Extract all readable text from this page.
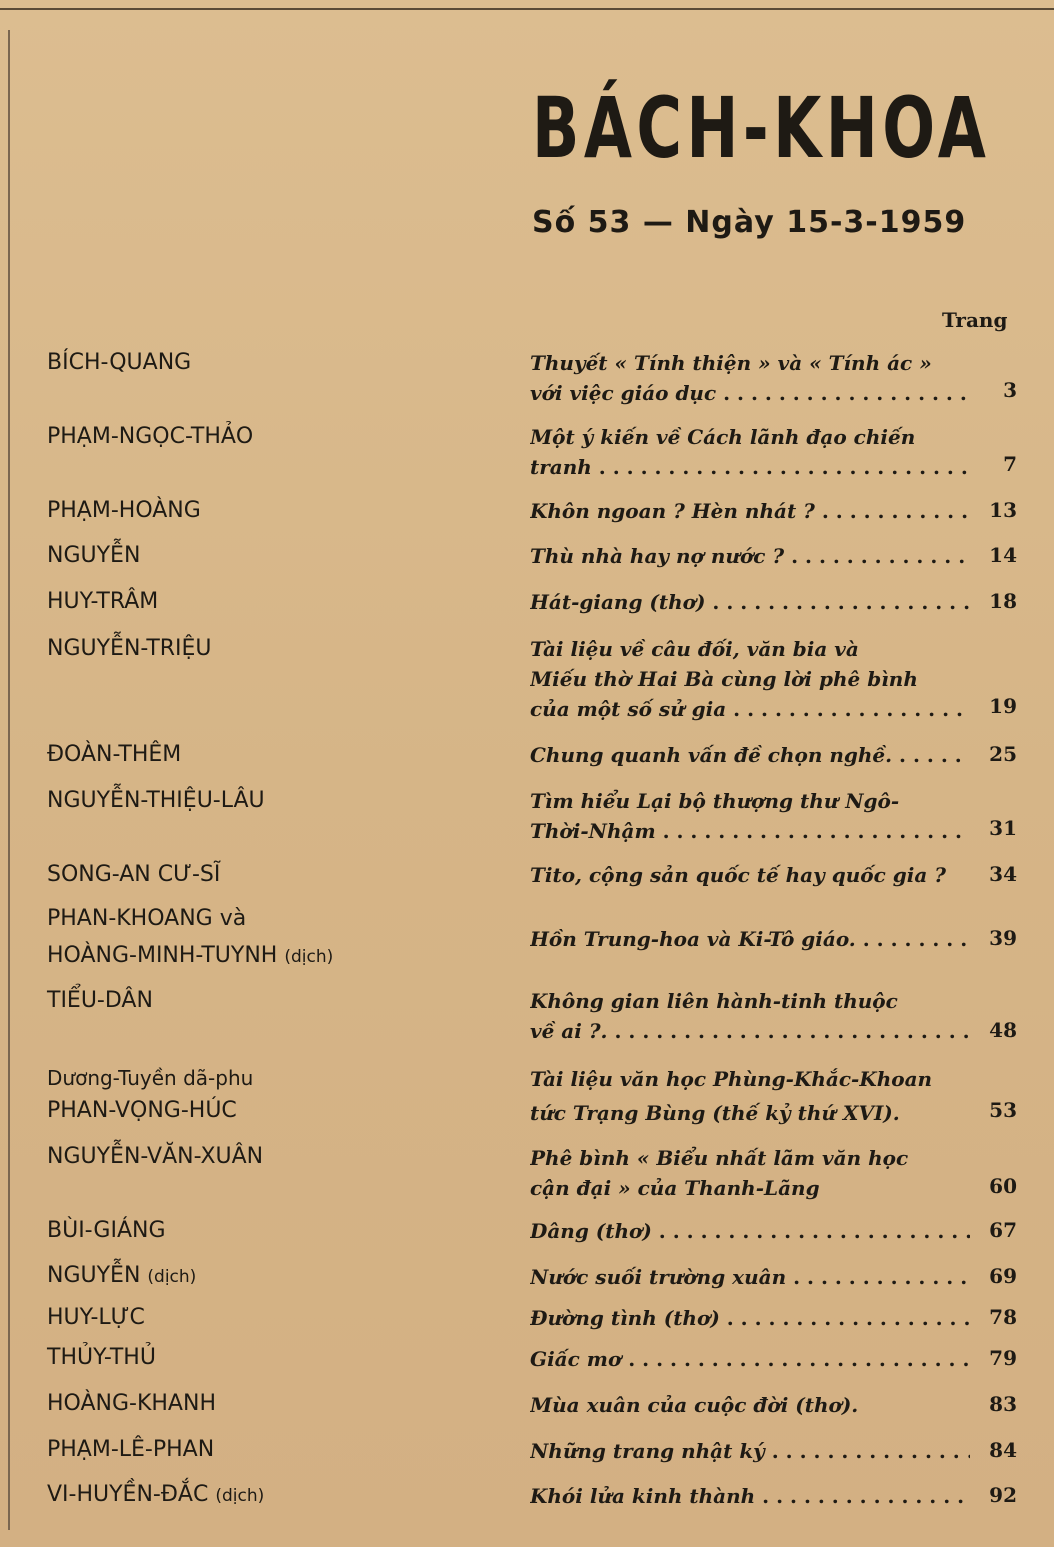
BÁCH-KHOA
Số 53 — Ngày 15-3-1959
Trang
BÍCH-QUANG	Thuyết « Tính thiện » và « Tính ác »
với việc giáo dục . . .	3
PHẠM-NGỌC-THẢO	Một ý kiến về Cách lãnh đạo chiến
tranh . . .	7
PHẠM-HOÀNG	Khôn ngoan ? Hèn nhát ? . . .	13
NGUYỄN	Thù nhà hay nợ nước ? . . .	14
HUY-TRÂM	Hát-giang (thơ) . . .	18
NGUYỄN-TRIỆU	Tài liệu về câu đối, văn bia và
Miếu thờ Hai Bà cùng lời phê bình
của một số sử gia . . .	19
ĐOÀN-THÊM	Chung quanh vấn đề chọn nghề. . . .	25
NGUYỄN-THIỆU-LÂU	Tìm hiểu Lại bộ thượng thư Ngô-
Thời-Nhậm . . .	31
SONG-AN CƯ-SĨ	Tito, cộng sản quốc tế hay quốc gia ?	34
PHAN-KHOANG và
HOÀNG-MINH-TUYNH (dịch)
Hồn Trung-hoa và Ki-Tô giáo. . . .	39
TIỂU-DÂN	Không gian liên hành-tinh thuộc
về ai ?. . . .	48
Dương-Tuyền dã-phu
PHAN-VỌNG-HÚC
Tài liệu văn học Phùng-Khắc-Khoan
tức Trạng Bùng (thế kỷ thứ XVI).	53
NGUYỄN-VĂN-XUÂN	Phê bình « Biểu nhất lãm văn học
cận đại » của Thanh-Lãng	60
BÙI-GIÁNG	Dâng (thơ) . . .	67
NGUYỄN (dịch)	Nước suối trường xuân . . .	69
HUY-LỰC	Đường tình (thơ) . . .	78
THỦY-THỦ	Giấc mơ . . .	79
HOÀNG-KHANH	Mùa xuân của cuộc đời (thơ).	83
PHẠM-LÊ-PHAN	Những trang nhật ký . . .	84
VI-HUYỀN-ĐẮC (dịch)	Khói lửa kinh thành . . .	92
